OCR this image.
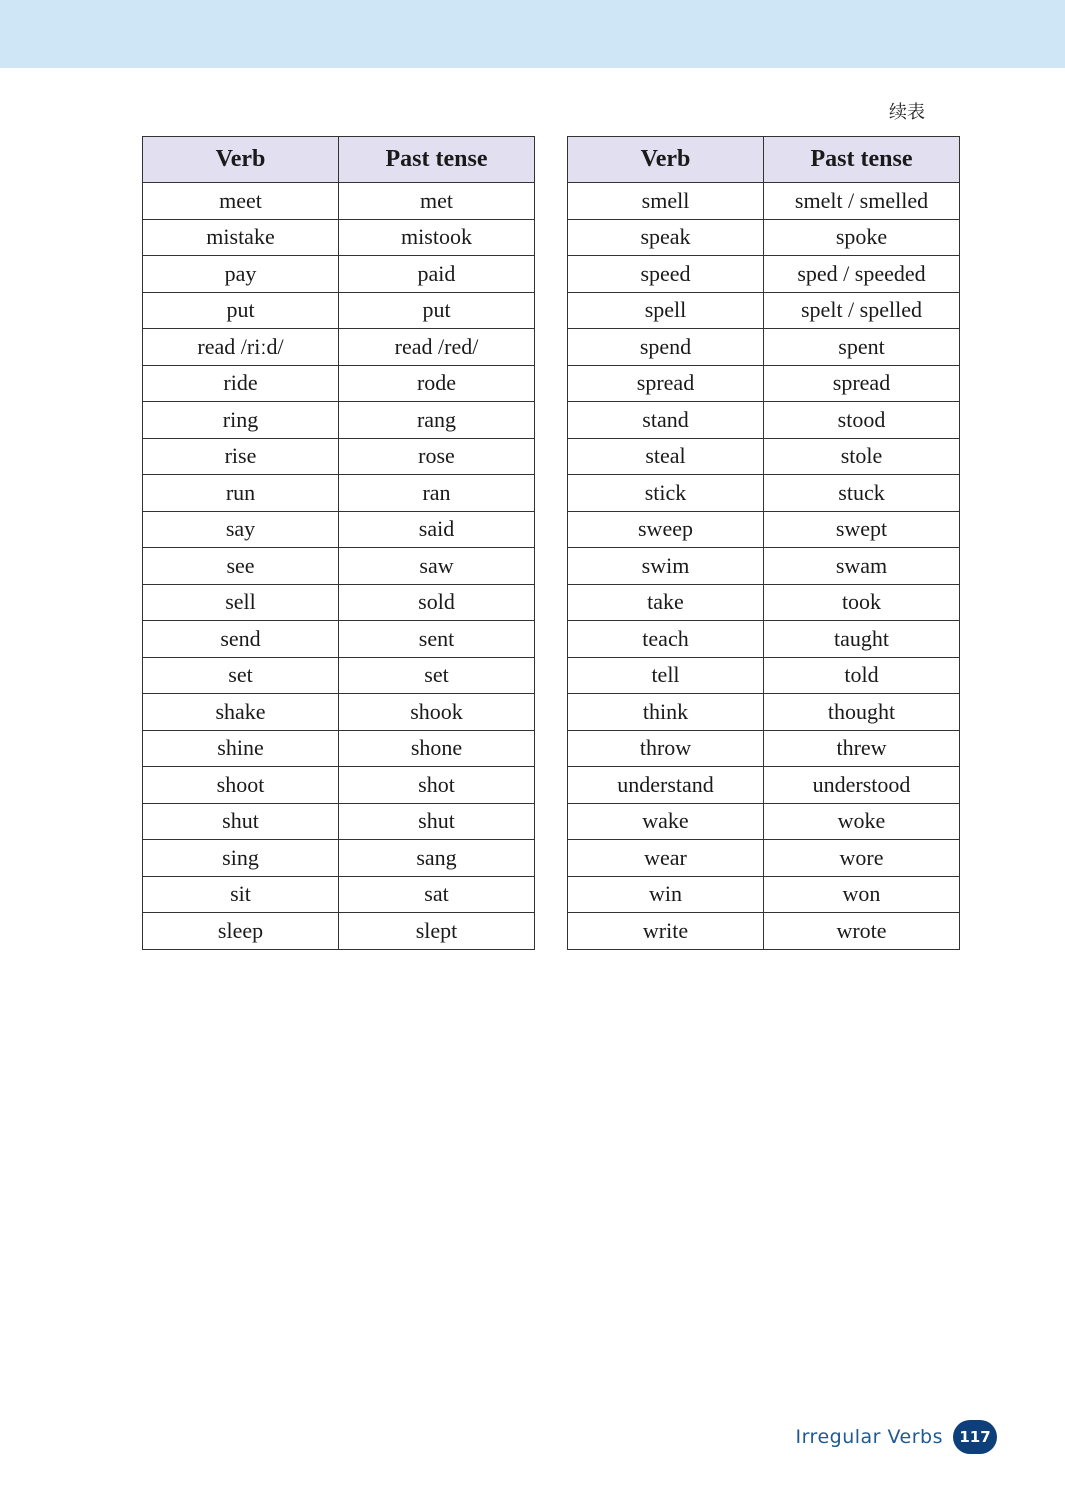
续表
Verb	Past tense
meet	met
mistake	mistook
pay	paid
put	put
read /riːd/	read /red/
ride	rode
ring	rang
rise	rose
run	ran
say	said
see	saw
sell	sold
send	sent
set	set
shake	shook
shine	shone
shoot	shot
shut	shut
sing	sang
sit	sat
sleep	slept
Verb	Past tense
smell	smelt / smelled
speak	spoke
speed	sped / speeded
spell	spelt / spelled
spend	spent
spread	spread
stand	stood
steal	stole
stick	stuck
sweep	swept
swim	swam
take	took
teach	taught
tell	told
think	thought
throw	threw
understand	understood
wake	woke
wear	wore
win	won
write	wrote
Irregular Verbs	117
